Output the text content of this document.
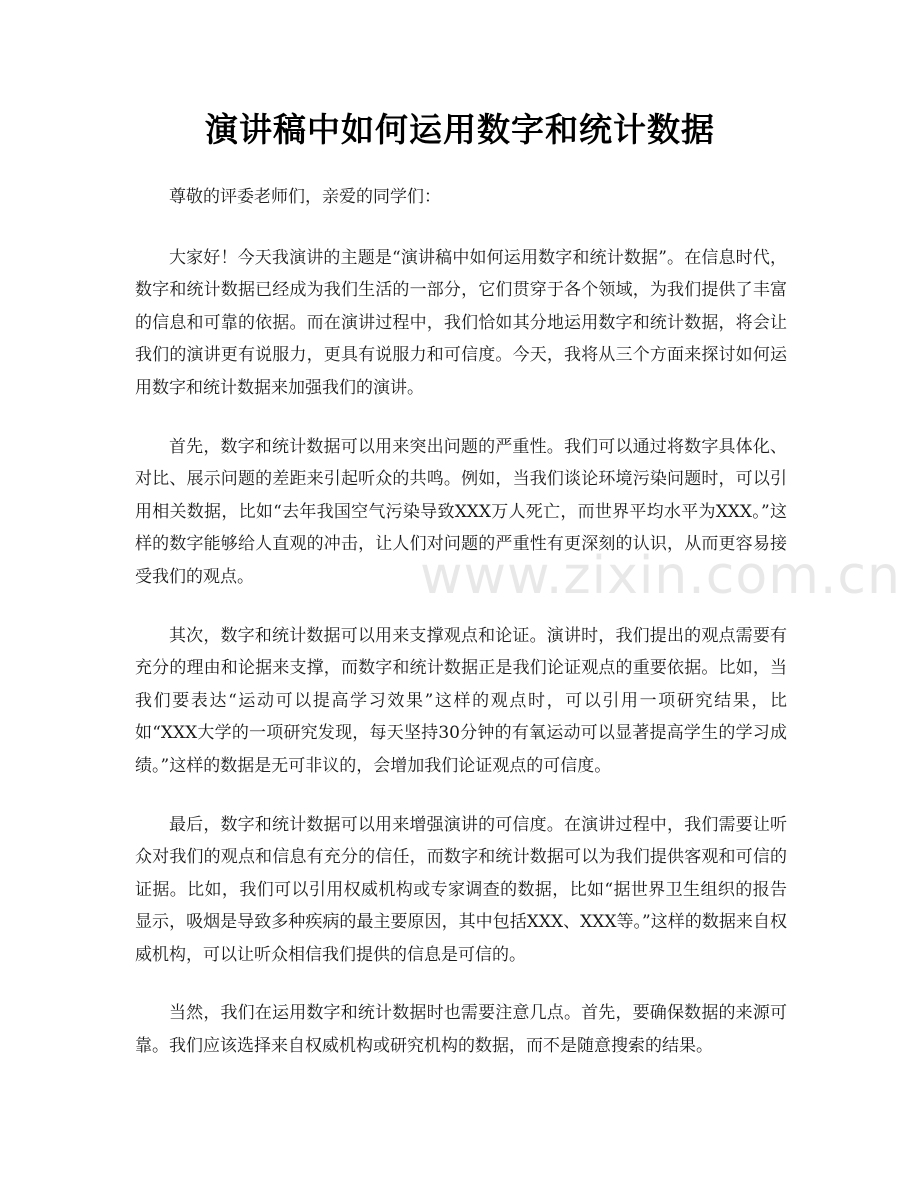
演讲稿中如何运用数字和统计数据

尊敬的评委老师们，亲爱的同学们：

大家好！今天我演讲的主题是“演讲稿中如何运用数字和统计数据”。在信息时代，数字和统计数据已经成为我们生活的一部分，它们贯穿于各个领域，为我们提供了丰富的信息和可靠的依据。而在演讲过程中，我们恰如其分地运用数字和统计数据，将会让我们的演讲更有说服力，更具有说服力和可信度。今天，我将从三个方面来探讨如何运用数字和统计数据来加强我们的演讲。

首先，数字和统计数据可以用来突出问题的严重性。我们可以通过将数字具体化、对比、展示问题的差距来引起听众的共鸣。例如，当我们谈论环境污染问题时，可以引用相关数据，比如“去年我国空气污染导致XXX万人死亡，而世界平均水平为XXX。”这样的数字能够给人直观的冲击，让人们对问题的严重性有更深刻的认识，从而更容易接受我们的观点。

其次，数字和统计数据可以用来支撑观点和论证。演讲时，我们提出的观点需要有充分的理由和论据来支撑，而数字和统计数据正是我们论证观点的重要依据。比如，当我们要表达“运动可以提高学习效果”这样的观点时，可以引用一项研究结果，比如“XXX大学的一项研究发现，每天坚持30分钟的有氧运动可以显著提高学生的学习成绩。”这样的数据是无可非议的，会增加我们论证观点的可信度。

最后，数字和统计数据可以用来增强演讲的可信度。在演讲过程中，我们需要让听众对我们的观点和信息有充分的信任，而数字和统计数据可以为我们提供客观和可信的证据。比如，我们可以引用权威机构或专家调查的数据，比如“据世界卫生组织的报告显示，吸烟是导致多种疾病的最主要原因，其中包括XXX、XXX等。”这样的数据来自权威机构，可以让听众相信我们提供的信息是可信的。

当然，我们在运用数字和统计数据时也需要注意几点。首先，要确保数据的来源可靠。我们应该选择来自权威机构或研究机构的数据，而不是随意搜索的结果。

www.zixin.com.cn
